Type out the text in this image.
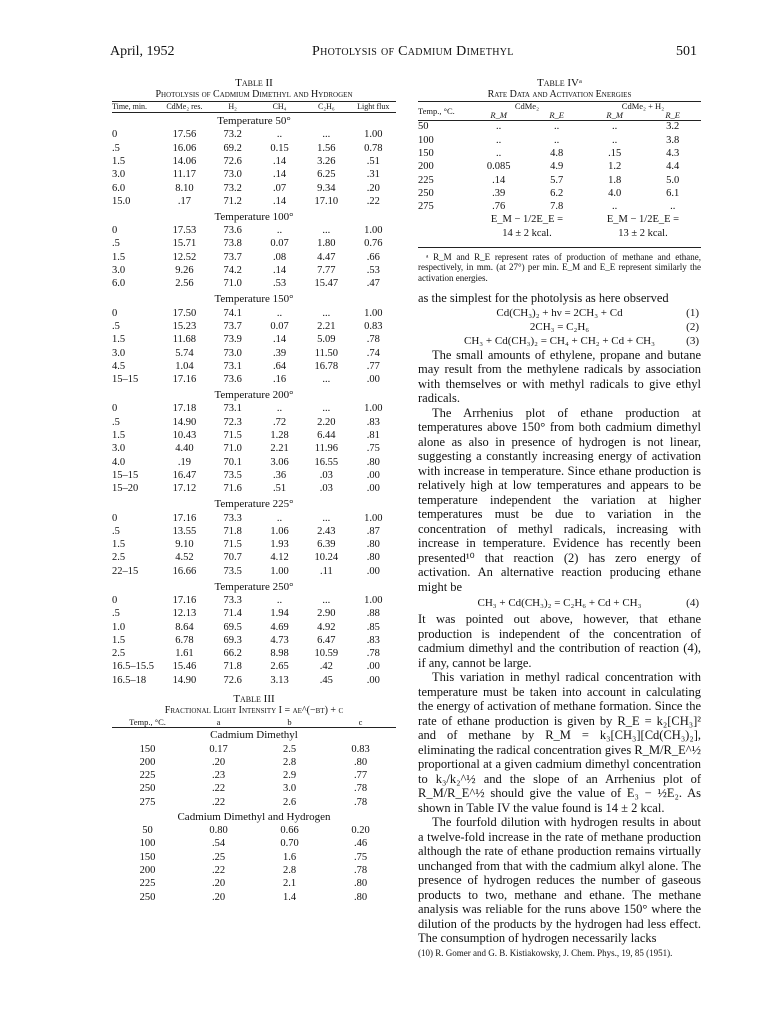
April, 1952	Photolysis of Cadmium Dimethyl	501
Table II
Photolysis of Cadmium Dimethyl and Hydrogen
Time, min.	CdMe₂ res.	H₂	CH₄	C₂H₆	Light flux
Temperature 50°					
0	17.56	73.2	..	...	1.00
.5	16.06	69.2	0.15	1.56	0.78
1.5	14.06	72.6	.14	3.26	.51
3.0	11.17	73.0	.14	6.25	.31
6.0	8.10	73.2	.07	9.34	.20
15.0	.17	71.2	.14	17.10	.22
Temperature 100°					
0	17.53	73.6	..	...	1.00
.5	15.71	73.8	0.07	1.80	0.76
1.5	12.52	73.7	.08	4.47	.66
3.0	9.26	74.2	.14	7.77	.53
6.0	2.56	71.0	.53	15.47	.47
Temperature 150°					
0	17.50	74.1	..	...	1.00
.5	15.23	73.7	0.07	2.21	0.83
1.5	11.68	73.9	.14	5.09	.78
3.0	5.74	73.0	.39	11.50	.74
4.5	1.04	73.1	.64	16.78	.77
15–15	17.16	73.6	.16	...	.00
Temperature 200°					
0	17.18	73.1	..	...	1.00
.5	14.90	72.3	.72	2.20	.83
1.5	10.43	71.5	1.28	6.44	.81
3.0	4.40	71.0	2.21	11.96	.75
4.0	.19	70.1	3.06	16.55	.80
15–15	16.47	73.5	.36	.03	.00
15–20	17.12	71.6	.51	.03	.00
Temperature 225°					
0	17.16	73.3	..	...	1.00
.5	13.55	71.8	1.06	2.43	.87
1.5	9.10	71.5	1.93	6.39	.80
2.5	4.52	70.7	4.12	10.24	.80
22–15	16.66	73.5	1.00	.11	.00
Temperature 250°					
0	17.16	73.3	..	...	1.00
.5	12.13	71.4	1.94	2.90	.88
1.0	8.64	69.5	4.69	4.92	.85
1.5	6.78	69.3	4.73	6.47	.83
2.5	1.61	66.2	8.98	10.59	.78
16.5–15.5	15.46	71.8	2.65	.42	.00
16.5–18	14.90	72.6	3.13	.45	.00
Table III
Fractional Light Intensity I = ae^(−bt) + c
Temp., °C.	a	b	c
Cadmium Dimethyl			
150	0.17	2.5	0.83
200	.20	2.8	.80
225	.23	2.9	.77
250	.22	3.0	.78
275	.22	2.6	.78
Cadmium Dimethyl and Hydrogen			
50	0.80	0.66	0.20
100	.54	0.70	.46
150	.25	1.6	.75
200	.22	2.8	.78
225	.20	2.1	.80
250	.20	1.4	.80
Table IVᵃ
Rate Data and Activation Energies
Temp., °C.	CdMe₂		CdMe₂ + H₂	
	R_M	R_E	R_M	R_E
50	..	..	..	3.2
100	..	..	..	3.8
150	..	4.8	.15	4.3
200	0.085	4.9	1.2	4.4
225	.14	5.7	1.8	5.0
250	.39	6.2	4.0	6.1
275	.76	7.8	..	..
	E_M − 1/2E_E =		E_M − 1/2E_E =	
	14 ± 2 kcal.		13 ± 2 kcal.	
ᵃ R_M and R_E represent rates of production of methane and ethane, respectively, in mm. (at 27°) per min. E_M and E_E represent similarly the activation energies.

as the simplest for the photolysis as here observed

Cd(CH₃)₂ + hν = 2CH₃ + Cd	(1)
2CH₃ = C₂H₆	(2)
CH₃ + Cd(CH₃)₂ = CH₄ + CH₂ + Cd + CH₃	(3)

The small amounts of ethylene, propane and butane may result from the methylene radicals by association with themselves or with methyl radicals to give ethyl radicals.

The Arrhenius plot of ethane production at temperatures above 150° from both cadmium dimethyl alone as also in presence of hydrogen is not linear, suggesting a constantly increasing energy of activation with increase in temperature. Since ethane production is relatively high at low temperatures and appears to be temperature independent the variation at higher temperatures must be due to variation in the concentration of methyl radicals, increasing with increase in temperature. Evidence has recently been presented¹⁰ that reaction (2) has zero energy of activation. An alternative reaction producing ethane might be

CH₃ + Cd(CH₃)₂ = C₂H₆ + Cd + CH₃	(4)

It was pointed out above, however, that ethane production is independent of the concentration of cadmium dimethyl and the contribution of reaction (4), if any, cannot be large.

This variation in methyl radical concentration with temperature must be taken into account in calculating the energy of activation of methane formation. Since the rate of ethane production is given by R_E = k₂[CH₃]² and of methane by R_M = k₃[CH₃][Cd(CH₃)₂], eliminating the radical concentration gives R_M/R_E^½ proportional at a given cadmium dimethyl concentration to k₃/k₂^½ and the slope of an Arrhenius plot of R_M/R_E^½ should give the value of E₃ − ½E₂. As shown in Table IV the value found is 14 ± 2 kcal.

The fourfold dilution with hydrogen results in about a twelve-fold increase in the rate of methane production although the rate of ethane production remains virtually unchanged from that with the cadmium alkyl alone. The presence of hydrogen reduces the number of gaseous products to two, methane and ethane. The methane analysis was reliable for the runs above 150° where the dilution of the products by the hydrogen had less effect. The consumption of hydrogen necessarily lacks

(10) R. Gomer and G. B. Kistiakowsky, J. Chem. Phys., 19, 85 (1951).
